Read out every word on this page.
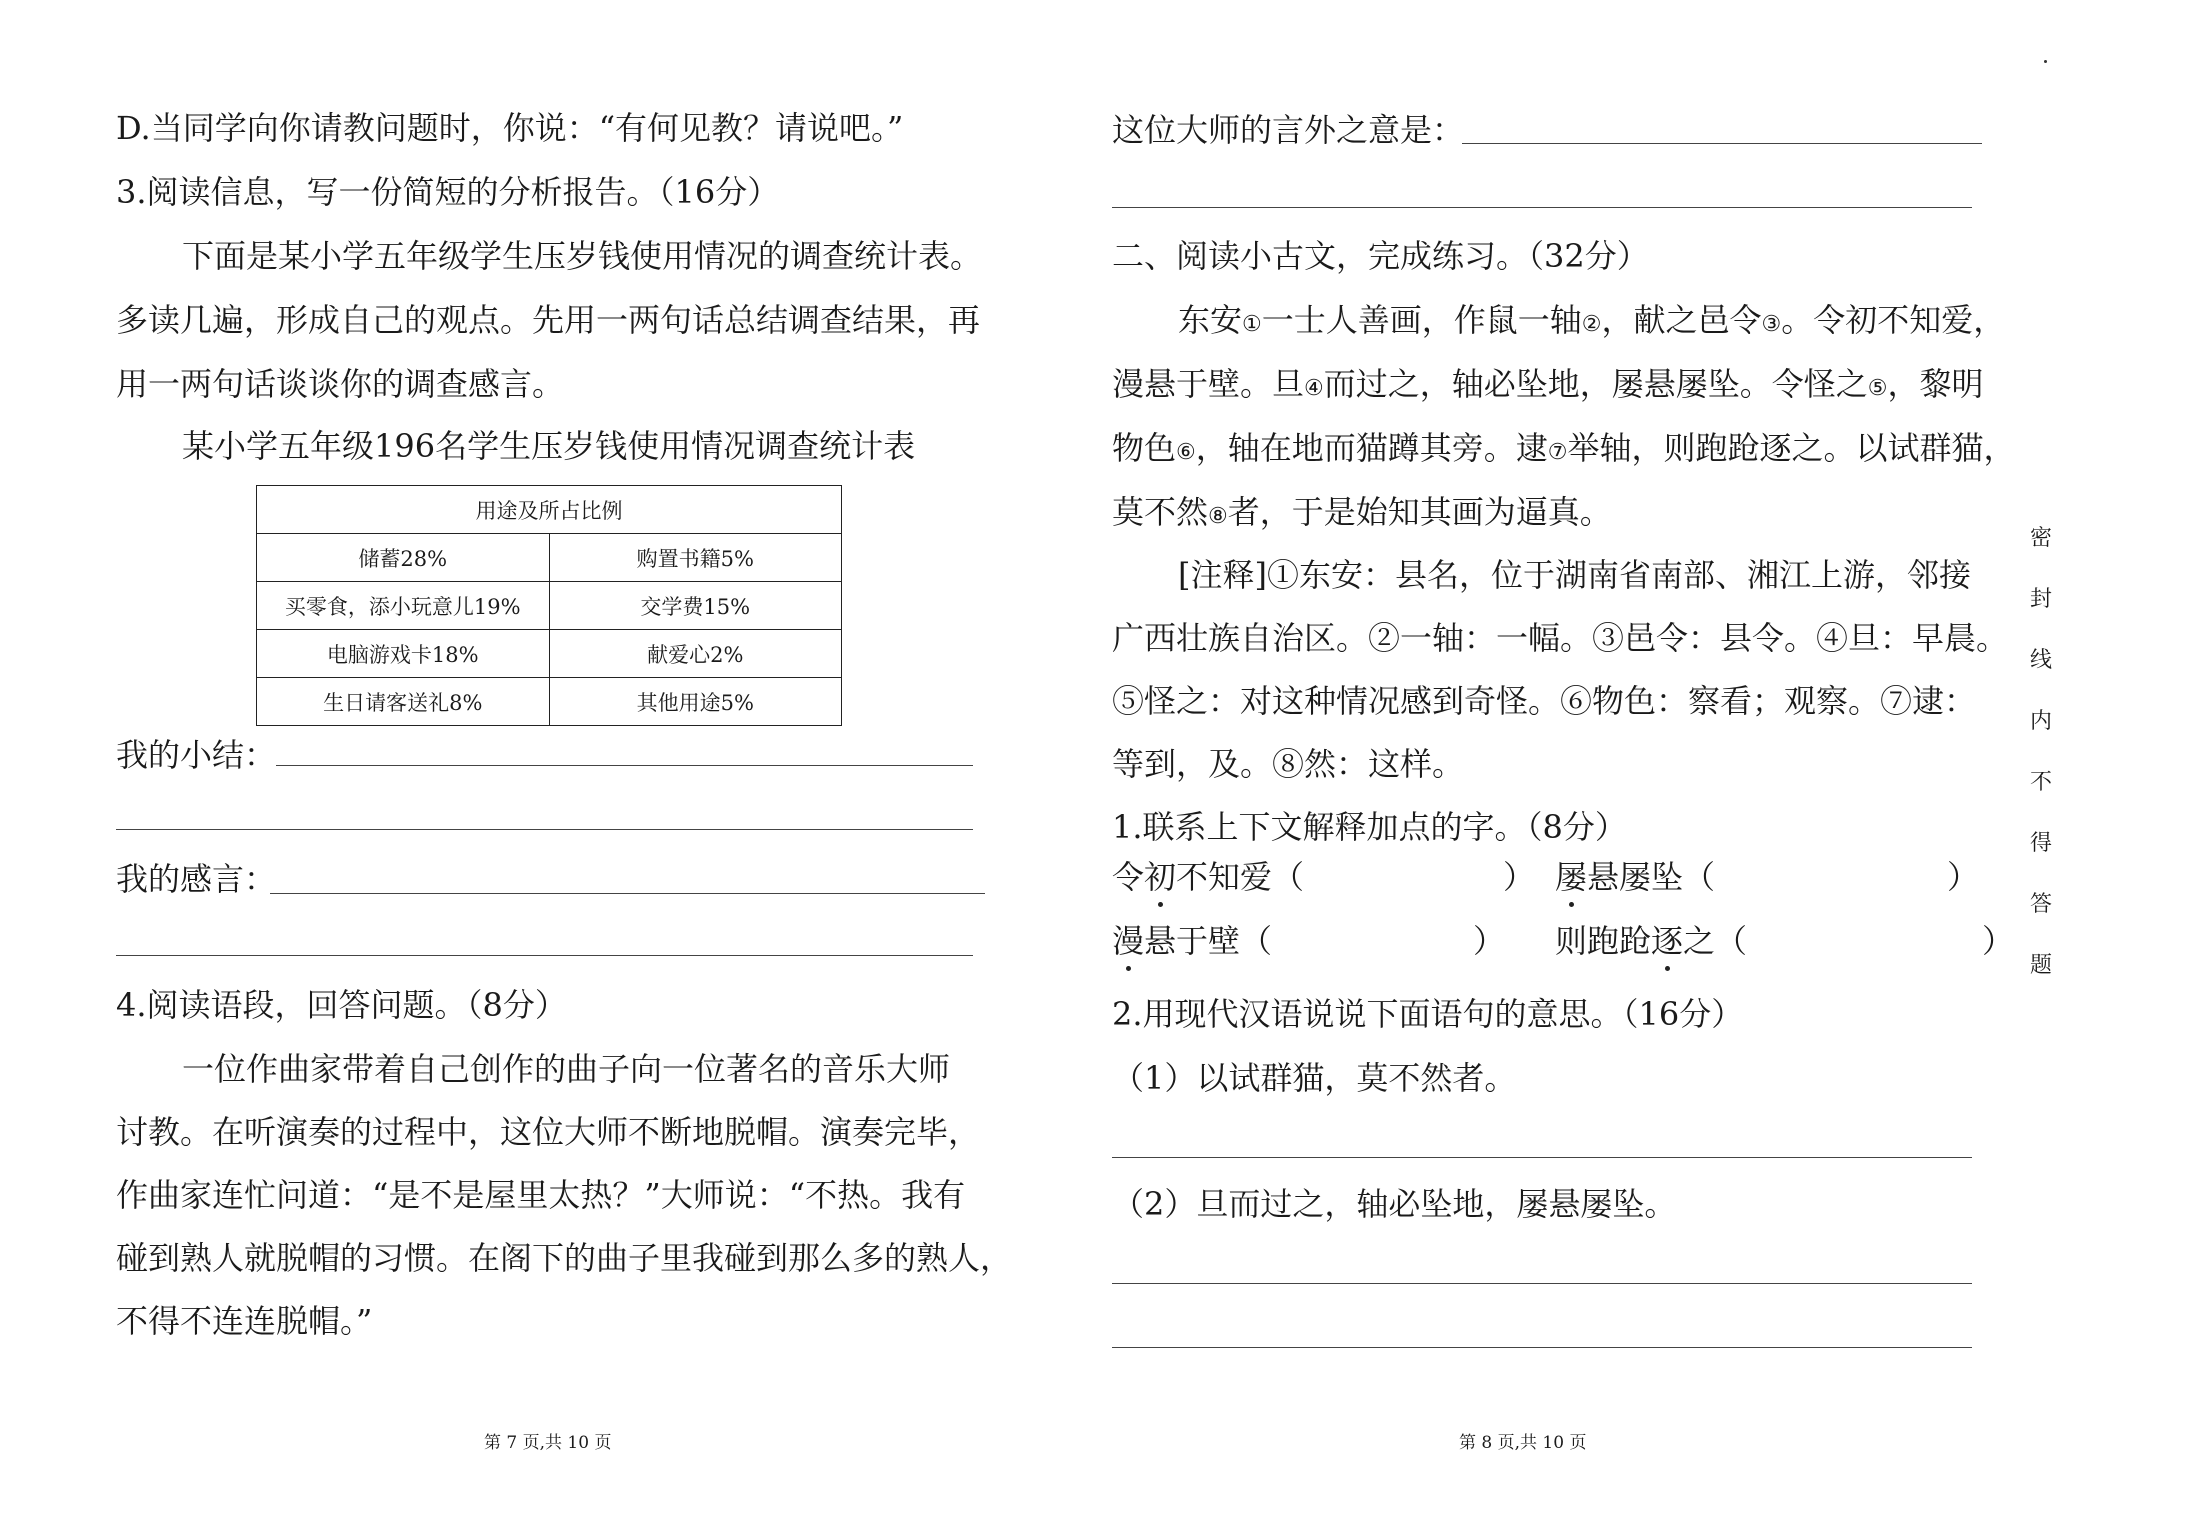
D.当同学向你请教问题时，你说：“有何见教？请说吧。”
3.阅读信息，写一份简短的分析报告。（16分）
下面是某小学五年级学生压岁钱使用情况的调查统计表。
多读几遍，形成自己的观点。先用一两句话总结调查结果，再
用一两句话谈谈你的调查感言。
某小学五年级196名学生压岁钱使用情况调查统计表
用途及所占比例	
储蓄28%	购置书籍5%
买零食，添小玩意儿19%	交学费15%
电脑游戏卡18%	献爱心2%
生日请客送礼8%	其他用途5%
我的小结：
我的感言：
4.阅读语段，回答问题。（8分）
一位作曲家带着自己创作的曲子向一位著名的音乐大师
讨教。在听演奏的过程中，这位大师不断地脱帽。演奏完毕，
作曲家连忙问道：“是不是屋里太热？”大师说：“不热。我有
碰到熟人就脱帽的习惯。在阁下的曲子里我碰到那么多的熟人，
不得不连连脱帽。”
第 7 页,共 10 页
这位大师的言外之意是：
二、阅读小古文，完成练习。（32分）
东安①一士人善画，作鼠一轴②，献之邑令③。令初不知爱，
漫悬于壁。旦④而过之，轴必坠地，屡悬屡坠。令怪之⑤，黎明
物色⑥，轴在地而猫蹲其旁。逮⑦举轴，则跑跄逐之。以试群猫，
莫不然⑧者，于是始知其画为逼真。
[注释]①东安：县名，位于湖南省南部、湘江上游，邻接
广西壮族自治区。②一轴：一幅。③邑令：县令。④旦：早晨。
⑤怪之：对这种情况感到奇怪。⑥物色：察看；观察。⑦逮：
等到，及。⑧然：这样。
1.联系上下文解释加点的字。（8分）
令初不知爱（	） 屡悬屡坠（	）
漫悬于壁（	） 则跑跄逐之（	）
2.用现代汉语说说下面语句的意思。（16分）
（1）以试群猫，莫不然者。
（2）旦而过之，轴必坠地，屡悬屡坠。
第 8 页,共 10 页
密
封
线
内
不
得
答
题
